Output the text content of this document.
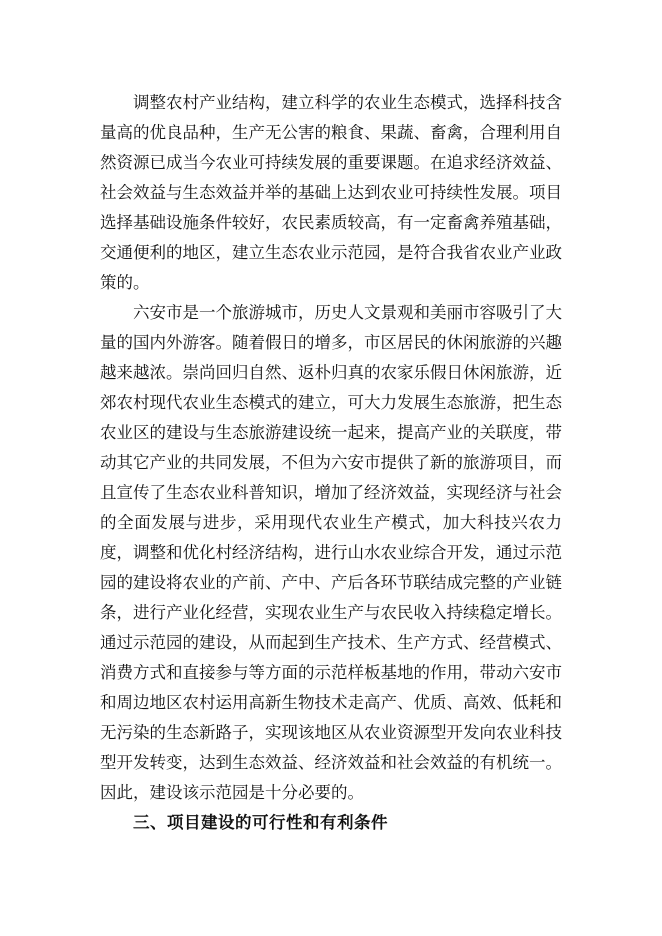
调整农村产业结构，建立科学的农业生态模式，选择科技含量高的优良品种，生产无公害的粮食、果蔬、畜禽，合理利用自然资源已成当今农业可持续发展的重要课题。在追求经济效益、社会效益与生态效益并举的基础上达到农业可持续性发展。项目选择基础设施条件较好，农民素质较高，有一定畜禽养殖基础，交通便利的地区，建立生态农业示范园，是符合我省农业产业政策的。

六安市是一个旅游城市，历史人文景观和美丽市容吸引了大量的国内外游客。随着假日的增多，市区居民的休闲旅游的兴趣越来越浓。崇尚回归自然、返朴归真的农家乐假日休闲旅游，近郊农村现代农业生态模式的建立，可大力发展生态旅游，把生态农业区的建设与生态旅游建设统一起来，提高产业的关联度，带动其它产业的共同发展，不但为六安市提供了新的旅游项目，而且宣传了生态农业科普知识，增加了经济效益，实现经济与社会的全面发展与进步，采用现代农业生产模式，加大科技兴农力度，调整和优化村经济结构，进行山水农业综合开发，通过示范园的建设将农业的产前、产中、产后各环节联结成完整的产业链条，进行产业化经营，实现农业生产与农民收入持续稳定增长。通过示范园的建设，从而起到生产技术、生产方式、经营模式、消费方式和直接参与等方面的示范样板基地的作用，带动六安市和周边地区农村运用高新生物技术走高产、优质、高效、低耗和无污染的生态新路子，实现该地区从农业资源型开发向农业科技型开发转变，达到生态效益、经济效益和社会效益的有机统一。因此，建设该示范园是十分必要的。

三、项目建设的可行性和有利条件
